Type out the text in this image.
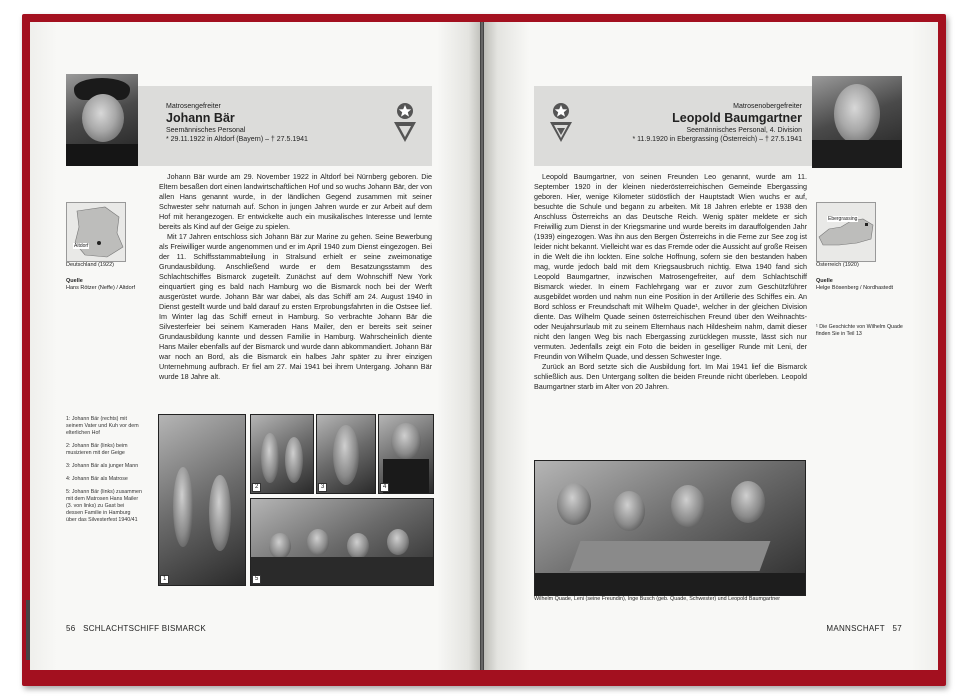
Matrosengefreiter
Johann Bär
Seemännisches Personal
* 29.11.1922 in Altdorf (Bayern) – † 27.5.1941
Altdorf
Deutschland (1922)
Quelle
Hans Rötzer (Neffe) / Altdorf

Johann Bär wurde am 29. November 1922 in Altdorf bei Nürnberg geboren. Die Eltern besaßen dort einen landwirtschaftlichen Hof und so wuchs Johann Bär, der von allen Hans genannt wurde, in der ländlichen Gegend zusammen mit seiner Schwester sehr naturnah auf. Schon in jungen Jahren wurde er zur Arbeit auf dem Hof mit herangezogen. Er entwickelte auch ein musikalisches Interesse und lernte bereits als Kind auf der Geige zu spielen.

Mit 17 Jahren entschloss sich Johann Bär zur Marine zu gehen. Seine Bewerbung als Freiwilliger wurde angenommen und er im April 1940 zum Dienst eingezogen. Bei der 11. Schiffsstammabteilung in Stralsund erhielt er seine zweimonatige Grundausbildung. Anschließend wurde er dem Besatzungsstamm des Schlachtschiffes Bismarck zugeteilt. Zunächst auf dem Wohnschiff New York einquartiert ging es bald nach Hamburg wo die Bismarck noch bei der Werft ausgerüstet wurde. Johann Bär war dabei, als das Schiff am 24. August 1940 in Dienst gestellt wurde und bald darauf zu ersten Erprobungsfahrten in die Ostsee lief. Im Winter lag das Schiff erneut in Hamburg. So verbrachte Johann Bär die Silvesterfeier bei seinem Kameraden Hans Mailer, den er bereits seit seiner Grundausbildung kannte und dessen Familie in Hamburg. Wahrscheinlich diente Hans Mailer ebenfalls auf der Bismarck und wurde dann abkommandiert. Johann Bär war noch an Bord, als die Bismarck ein halbes Jahr später zu ihrer einzigen Unternehmung aufbrach. Er fiel am 27. Mai 1941 bei ihrem Untergang. Johann Bär wurde 18 Jahre alt.

1: Johann Bär (rechts) mit seinem Vater und Kuh vor dem elterlichen Hof
2: Johann Bär (links) beim musizieren mit der Geige
3: Johann Bär als junger Mann
4: Johann Bär als Matrose
5: Johann Bär (links) zusammen mit dem Matrosen Hans Mailer (3. von links) zu Gast bei dessen Familie in Hamburg über das Silvesterfest 1940/41
1
2	3	4
5
56 SCHLACHTSCHIFF BISMARCK
Matrosenobergefreiter
Leopold Baumgartner
Seemännisches Personal, 4. Division
* 11.9.1920 in Ebergrassing (Österreich) – † 27.5.1941

Leopold Baumgartner, von seinen Freunden Leo genannt, wurde am 11. September 1920 in der kleinen niederösterreichischen Gemeinde Ebergassing geboren. Hier, wenige Kilometer südöstlich der Hauptstadt Wien wuchs er auf, besuchte die Schule und begann zu arbeiten. Mit 18 Jahren erlebte er 1938 den Anschluss Österreichs an das Deutsche Reich. Wenig später meldete er sich Freiwillig zum Dienst in der Kriegsmarine und wurde bereits im darauffolgenden Jahr (1939) eingezogen. Was ihn aus den Bergen Österreichs in die Ferne zur See zog ist leider nicht bekannt. Vielleicht war es das Fremde oder die Aussicht auf große Reisen in die Welt die ihn lockten. Eine solche Hoffnung, sofern sie den bestanden haben mag, wurde jedoch bald mit dem Kriegsausbruch nichtig. Etwa 1940 fand sich Leopold Baumgartner, inzwischen Matrosengefreiter, auf dem Schlachtschiff Bismarck wieder. In einem Fachlehrgang war er zuvor zum Geschützführer ausgebildet worden und nahm nun eine Position in der Artillerie des Schiffes ein. An Bord schloss er Freundschaft mit Wilhelm Quade¹, welcher in der gleichen Division diente. Das Wilhelm Quade seinen österreichischen Freund über den Weihnachts- oder Neujahrsurlaub mit zu seinem Elternhaus nach Hildesheim nahm, damit dieser nicht den langen Weg bis nach Ebergassing zurücklegen musste, lässt sich nur vermuten. Jedenfalls zeigt ein Foto die beiden in geselliger Runde mit Leni, der Freundin von Wilhelm Quade, und dessen Schwester Inge.

Zurück an Bord setzte sich die Ausbildung fort. Im Mai 1941 lief die Bismarck schließlich aus. Den Untergang sollten die beiden Freunde nicht überleben. Leopold Baumgartner starb im Alter von 20 Jahren.

Ebergrassing
Österreich (1920)
Quelle
Helge Bösenberg / Nordhastedt
¹ Die Geschichte von Wilhelm Quade finden Sie in Teil 13
Wilhelm Quade, Leni (seine Freundin), Inge Busch (geb. Quade, Schwester) und Leopold Baumgartner
MANNSCHAFT 57
